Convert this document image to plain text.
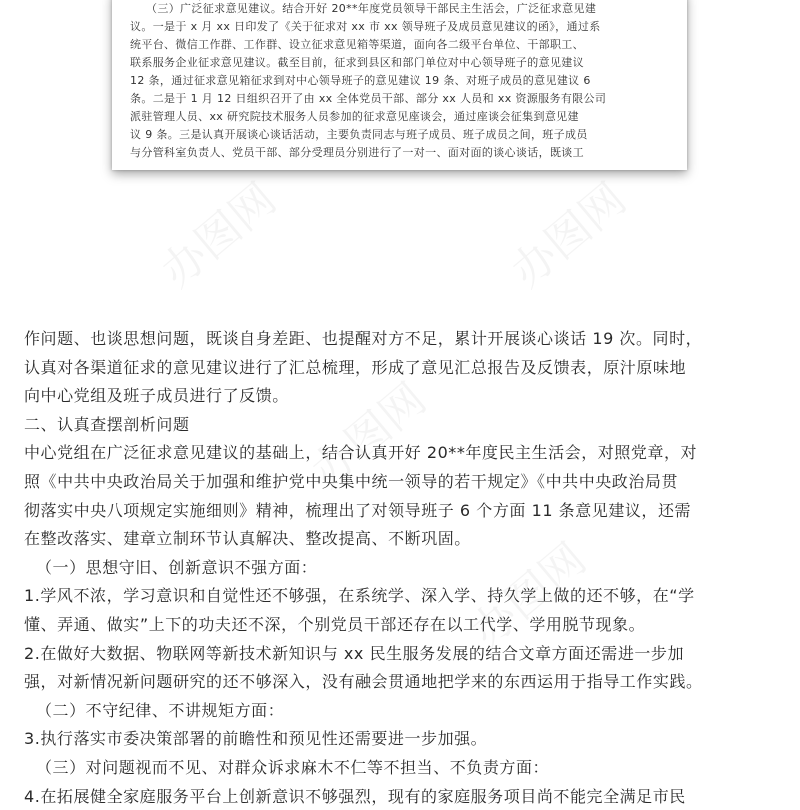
（三）广泛征求意见建议。结合开好 20**年度党员领导干部民主生活会，广泛征求意见建
议。一是于 x 月 xx 日印发了《关于征求对 xx 市 xx 领导班子及成员意见建议的函》，通过系
统平台、微信工作群、工作群、设立征求意见箱等渠道，面向各二级平台单位、干部职工、
联系服务企业征求意见建议。截至目前，征求到县区和部门单位对中心领导班子的意见建议
12 条，通过征求意见箱征求到对中心领导班子的意见建议 19 条、对班子成员的意见建议 6
条。二是于 1 月 12 日组织召开了由 xx 全体党员干部、部分 xx 人员和 xx 资源服务有限公司
派驻管理人员、xx 研究院技术服务人员参加的征求意见座谈会，通过座谈会征集到意见建
议 9 条。三是认真开展谈心谈话活动，主要负责同志与班子成员、班子成员之间，班子成员
与分管科室负责人、党员干部、部分受理员分别进行了一对一、面对面的谈心谈话，既谈工
作问题、也谈思想问题，既谈自身差距、也提醒对方不足，累计开展谈心谈话 19 次。同时，
认真对各渠道征求的意见建议进行了汇总梳理，形成了意见汇总报告及反馈表，原汁原味地
向中心党组及班子成员进行了反馈。
二、认真查摆剖析问题
中心党组在广泛征求意见建议的基础上，结合认真开好 20**年度民主生活会，对照党章，对
照《中共中央政治局关于加强和维护党中央集中统一领导的若干规定》《中共中央政治局贯
彻落实中央八项规定实施细则》精神，梳理出了对领导班子 6 个方面 11 条意见建议，还需
在整改落实、建章立制环节认真解决、整改提高、不断巩固。
（一）思想守旧、创新意识不强方面：
1.学风不浓，学习意识和自觉性还不够强，在系统学、深入学、持久学上做的还不够，在“学
懂、弄通、做实”上下的功夫还不深，个别党员干部还存在以工代学、学用脱节现象。
2.在做好大数据、物联网等新技术新知识与 xx 民生服务发展的结合文章方面还需进一步加
强，对新情况新问题研究的还不够深入，没有融会贯通地把学来的东西运用于指导工作实践。
（二）不守纪律、不讲规矩方面：
3.执行落实市委决策部署的前瞻性和预见性还需要进一步加强。
（三）对问题视而不见、对群众诉求麻木不仁等不担当、不负责方面：
4.在拓展健全家庭服务平台上创新意识不够强烈，现有的家庭服务项目尚不能完全满足市民
